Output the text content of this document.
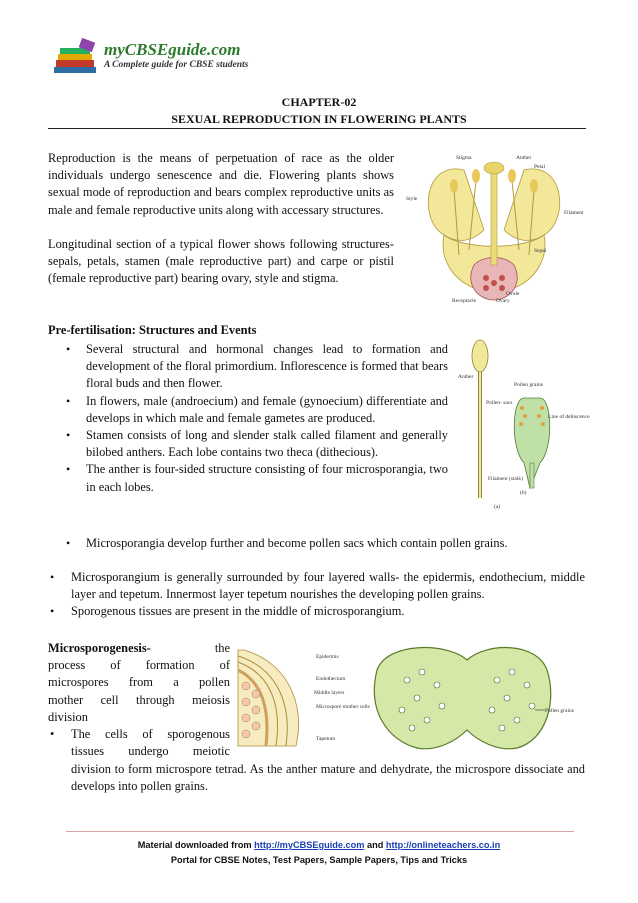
myCBSEguide.com
A Complete guide for CBSE students
CHAPTER-02
SEXUAL REPRODUCTION IN FLOWERING PLANTS
Reproduction is the means of perpetuation of race as the older individuals undergo senescence and die. Flowering plants shows sexual mode of reproduction and bears complex reproductive units as male and female reproductive units along with accessary structures.
Longitudinal section of a typical flower shows following structures- sepals, petals, stamen (male reproductive part) and carpe or pistil (female reproductive part) bearing ovary, style and stigma.
Stigma	Anther
Petal
Style
Filament
Sepal
Receptacle	Ovary
Ovule
Pre-fertilisation: Structures and Events
• Several structural and hormonal changes lead to formation and development of the floral primordium. Inflorescence is formed that bears floral buds and then flower.
• In flowers, male (androecium) and female (gynoecium) differentiate and develops in which male and female gametes are produced.
• Stamen consists of long and slender stalk called filament and generally bilobed anthers. Each lobe contains two theca (dithecious).
• The anther is four-sided structure consisting of four microsporangia, two in each lobes.
• Microsporangia develop further and become pollen sacs which contain pollen grains.
Anther
Pollen grains
Pollen- sacs
Line of dehiscence
Filament (stalk)
(b)
(a)
• Microsporangium is generally surrounded by four layered walls- the epidermis, endothecium, middle layer and tepetum. Innermost layer tepetum nourishes the developing pollen grains.
• Sporogenous tissues are present in the middle of microsporangium.
Microsporogenesis-	the
process of formation of
microspores from a pollen
mother cell through meiosis
division
• The cells of sporogenous tissues undergo meiotic
division to form microspore tetrad. As the anther mature and dehydrate, the microspore dissociate and develops into pollen grains.
Epidermis
Endothecium
Middle layers
Microspore mother cells
Tapetum
Pollen grains
Material downloaded from http://myCBSEguide.com and http://onlineteachers.co.in
Portal for CBSE Notes, Test Papers, Sample Papers, Tips and Tricks
